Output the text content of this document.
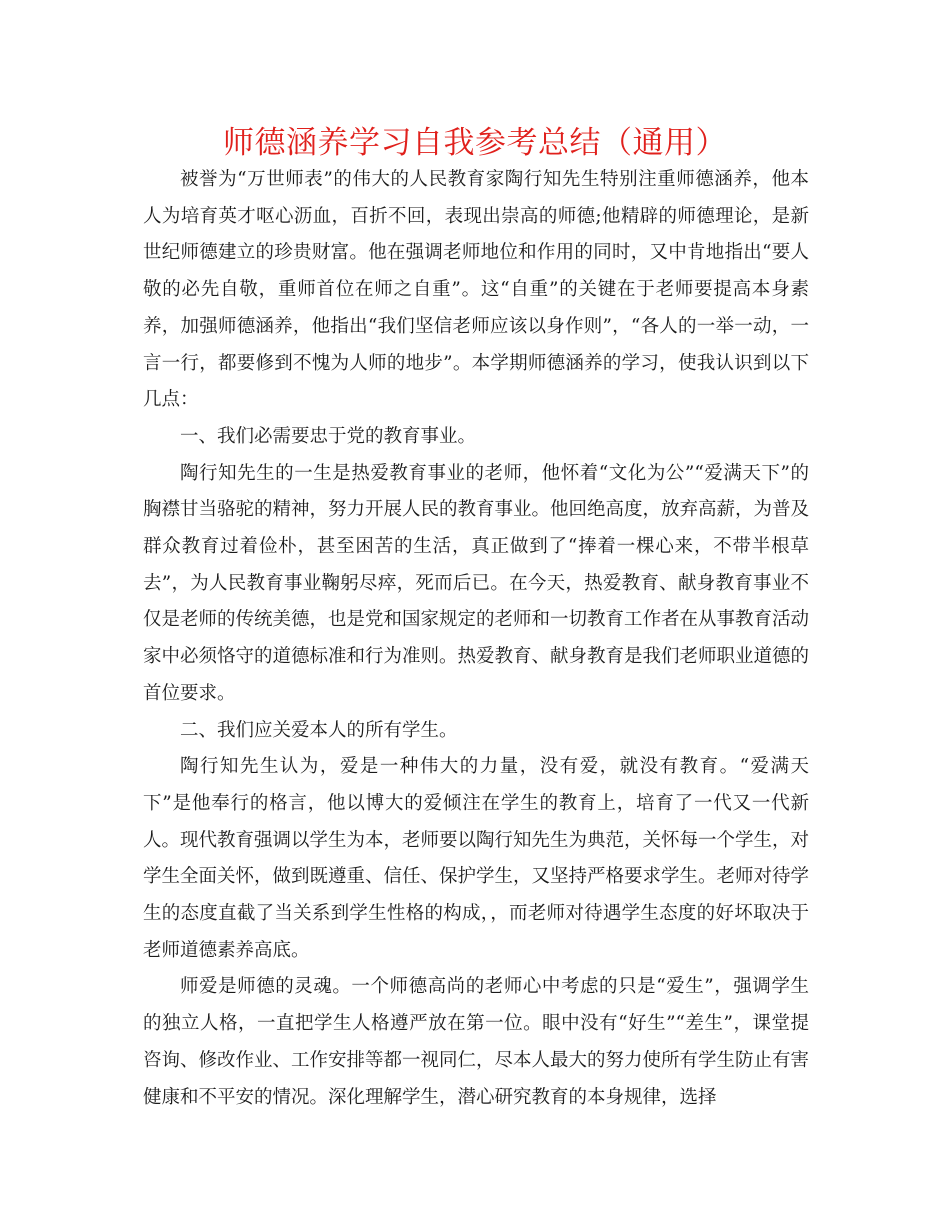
师德涵养学习自我参考总结（通用）

被誉为“万世师表”的伟大的人民教育家陶行知先生特别注重师德涵养，他本人为培育英才呕心沥血，百折不回，表现出崇高的师德;他精辟的师德理论，是新世纪师德建立的珍贵财富。他在强调老师地位和作用的同时，又中肯地指出“要人敬的必先自敬，重师首位在师之自重”。这“自重”的关键在于老师要提高本身素养，加强师德涵养，他指出“我们坚信老师应该以身作则”，“各人的一举一动，一言一行，都要修到不愧为人师的地步”。本学期师德涵养的学习，使我认识到以下几点：

一、我们必需要忠于党的教育事业。

陶行知先生的一生是热爱教育事业的老师，他怀着“文化为公”“爱满天下”的胸襟甘当骆驼的精神，努力开展人民的教育事业。他回绝高度，放弃高薪，为普及群众教育过着俭朴，甚至困苦的生活，真正做到了“捧着一棵心来，不带半根草去”，为人民教育事业鞠躬尽瘁，死而后已。在今天，热爱教育、献身教育事业不仅是老师的传统美德，也是党和国家规定的老师和一切教育工作者在从事教育活动家中必须恪守的道德标准和行为准则。热爱教育、献身教育是我们老师职业道德的首位要求。

二、我们应关爱本人的所有学生。

陶行知先生认为，爱是一种伟大的力量，没有爱，就没有教育。“爱满天下”是他奉行的格言，他以博大的爱倾注在学生的教育上，培育了一代又一代新人。现代教育强调以学生为本，老师要以陶行知先生为典范，关怀每一个学生，对学生全面关怀，做到既遵重、信任、保护学生，又坚持严格要求学生。老师对待学生的态度直截了当关系到学生性格的构成，，而老师对待遇学生态度的好坏取决于老师道德素养高底。

师爱是师德的灵魂。一个师德高尚的老师心中考虑的只是“爱生”，强调学生的独立人格，一直把学生人格遵严放在第一位。眼中没有“好生”“差生”，课堂提咨询、修改作业、工作安排等都一视同仁，尽本人最大的努力使所有学生防止有害健康和不平安的情况。深化理解学生，潜心研究教育的本身规律，选择
